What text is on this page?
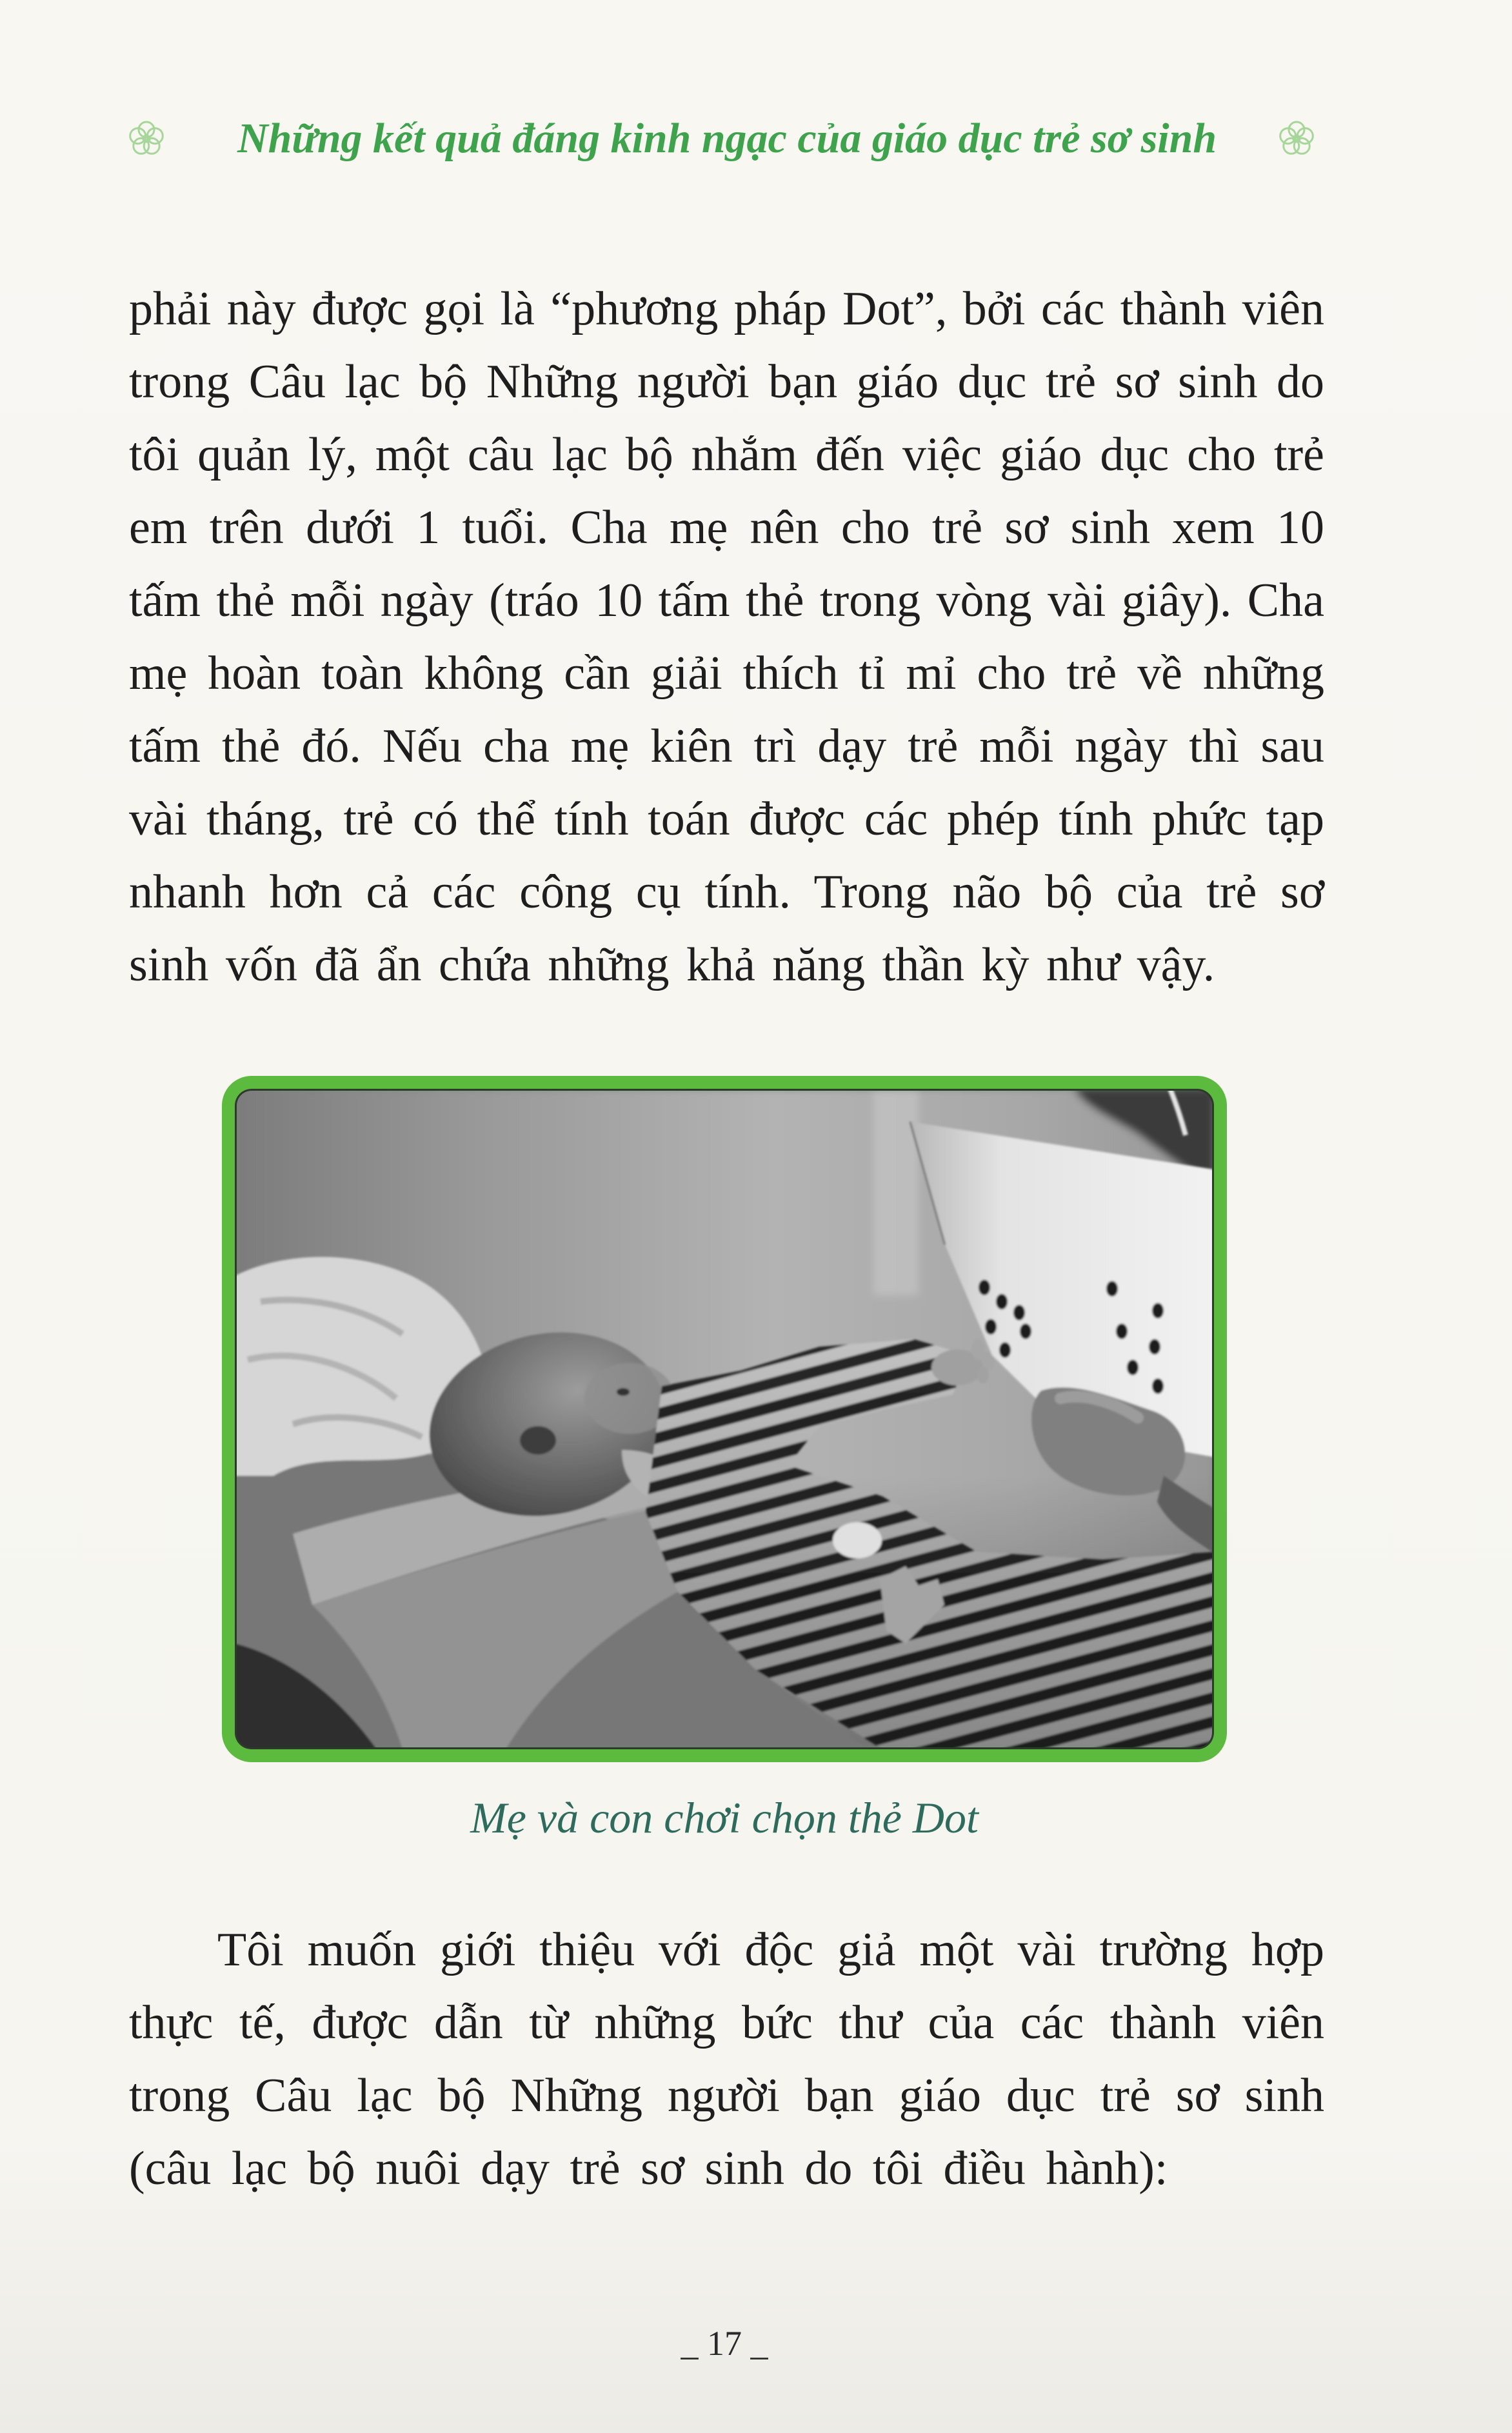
Những kết quả đáng kinh ngạc của giáo dục trẻ sơ sinh
phải này được gọi là “phương pháp Dot”, bởi các thành viên
trong Câu lạc bộ Những người bạn giáo dục trẻ sơ sinh do
tôi quản lý, một câu lạc bộ nhắm đến việc giáo dục cho trẻ
em trên dưới 1 tuổi. Cha mẹ nên cho trẻ sơ sinh xem 10
tấm thẻ mỗi ngày (tráo 10 tấm thẻ trong vòng vài giây). Cha
mẹ hoàn toàn không cần giải thích tỉ mỉ cho trẻ về những
tấm thẻ đó. Nếu cha mẹ kiên trì dạy trẻ mỗi ngày thì sau
vài tháng, trẻ có thể tính toán được các phép tính phức tạp
nhanh hơn cả các công cụ tính. Trong não bộ của trẻ sơ
sinh vốn đã ẩn chứa những khả năng thần kỳ như vậy.
Mẹ và con chơi chọn thẻ Dot
Tôi muốn giới thiệu với độc giả một vài trường hợp
thực tế, được dẫn từ những bức thư của các thành viên
trong Câu lạc bộ Những người bạn giáo dục trẻ sơ sinh
(câu lạc bộ nuôi dạy trẻ sơ sinh do tôi điều hành):
_ 17 _
